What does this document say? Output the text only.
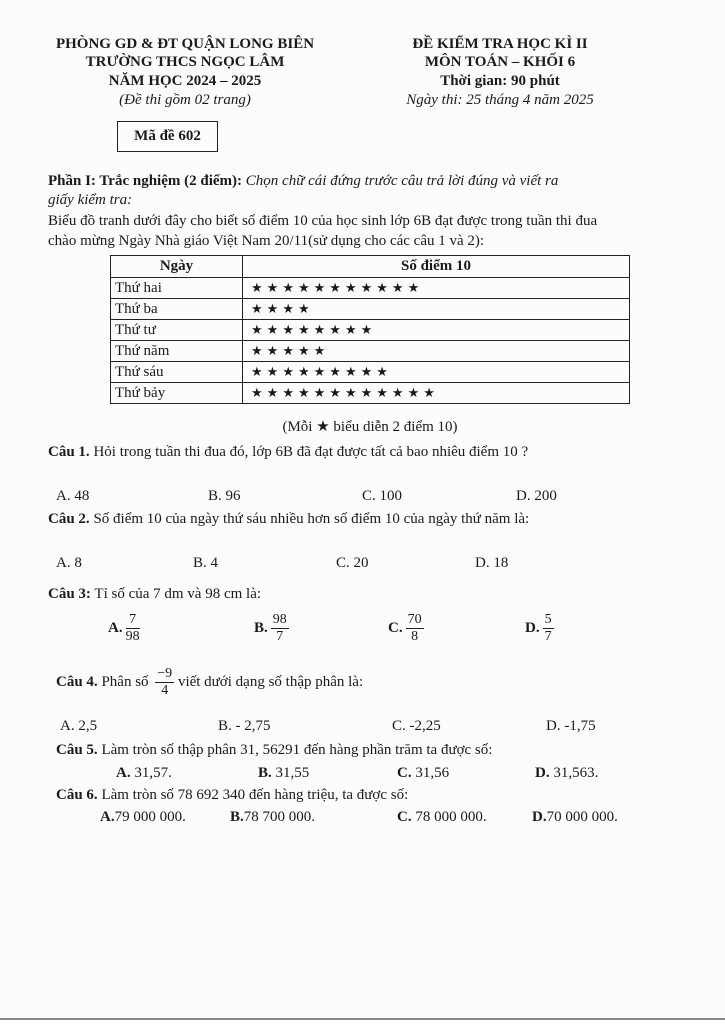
PHÒNG GD & ĐT QUẬN LONG BIÊN
TRƯỜNG THCS NGỌC LÂM
NĂM HỌC 2024 – 2025
(Đề thi gồm 02 trang)
ĐỀ KIỂM TRA HỌC KÌ II
MÔN TOÁN – KHỐI 6
Thời gian: 90 phút
Ngày thi: 25 tháng 4 năm 2025
Mã đề 602
Phần I: Trắc nghiệm (2 điểm): Chọn chữ cái đứng trước câu trả lời đúng và viết ra
giấy kiểm tra:
Biểu đồ tranh dưới đây cho biết số điểm 10 của học sinh lớp 6B đạt được trong tuần thi đua
chào mừng Ngày Nhà giáo Việt Nam 20/11(sử dụng cho các câu 1 và 2):
Ngày	Số điểm 10
Thứ hai	★★★★★★★★★★★
Thứ ba	★★★★
Thứ tư	★★★★★★★★
Thứ năm	★★★★★
Thứ sáu	★★★★★★★★★
Thứ bảy	★★★★★★★★★★★★
(Mỗi ★ biểu diễn 2 điểm 10)
Câu 1. Hỏi trong tuần thi đua đó, lớp 6B đã đạt được tất cả bao nhiêu điểm 10 ?
A. 48	B. 96	C. 100	D. 200
Câu 2. Số điểm 10 của ngày thứ sáu nhiều hơn số điểm 10 của ngày thứ năm là:
A. 8	B. 4	C. 20	D. 18
Câu 3: Tỉ số của 7 dm và 98 cm là:
A. $\frac{7}{98}$	B. $\frac{98}{7}$	C. $\frac{70}{8}$	D. $\frac{5}{7}$
Câu 4. Phân số $\frac{-9}{4}$ viết dưới dạng số thập phân là:
A. 2,5	B. - 2,75	C. -2,25	D. -1,75
Câu 5. Làm tròn số thập phân 31, 56291 đến hàng phần trăm ta được số:
A. 31,57.	B. 31,55	C. 31,56	D. 31,563.
Câu 6. Làm tròn số 78 692 340 đến hàng triệu, ta được số:
A.79 000 000.	B.78 700 000.	C. 78 000 000.	D.70 000 000.
